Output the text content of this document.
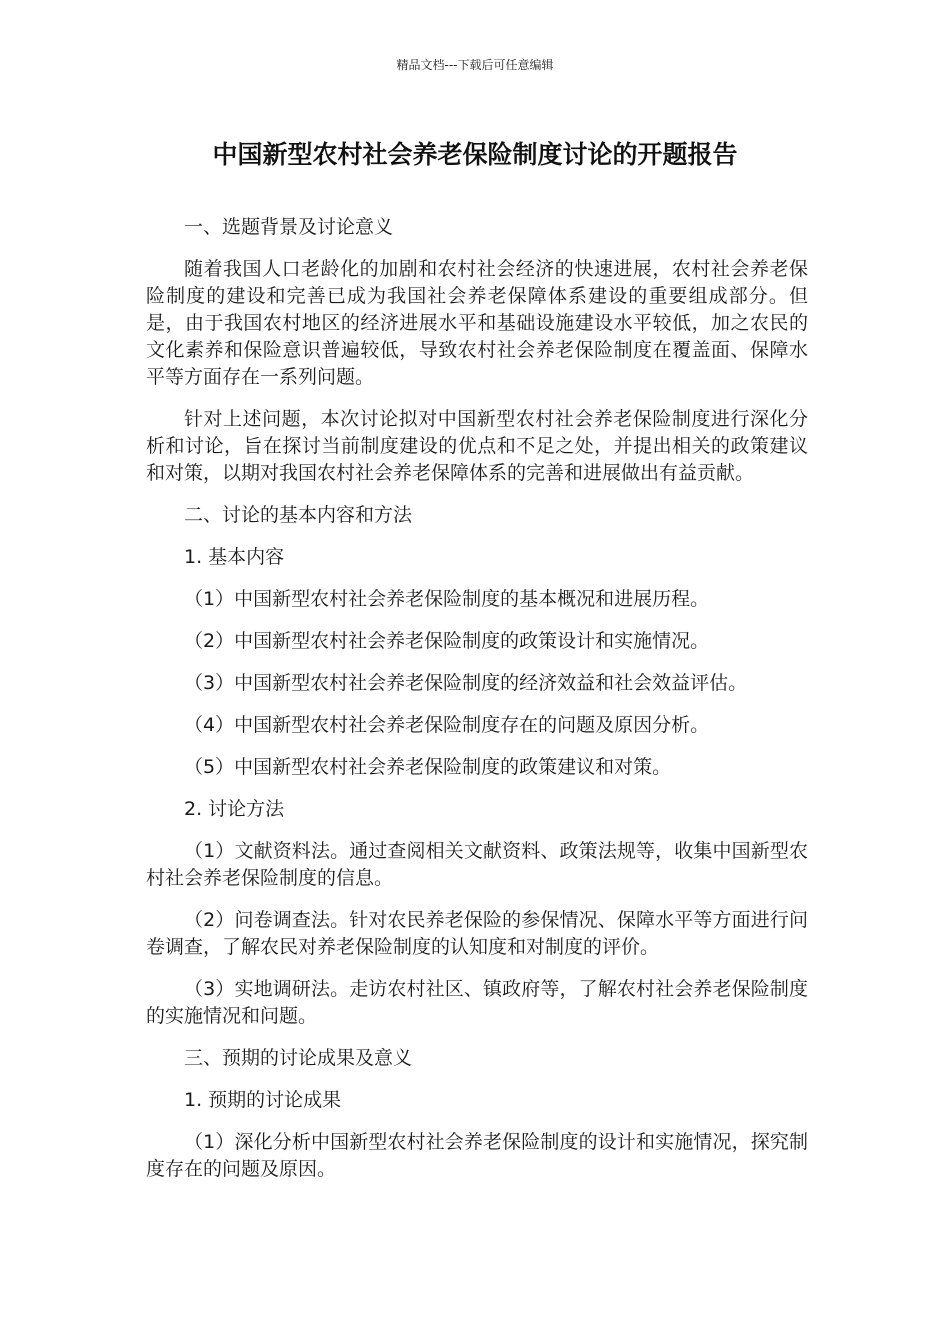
精品文档---下载后可任意编辑
中国新型农村社会养老保险制度讨论的开题报告
一、选题背景及讨论意义
随着我国人口老龄化的加剧和农村社会经济的快速进展，农村社会养老保险制度的建设和完善已成为我国社会养老保障体系建设的重要组成部分。但是，由于我国农村地区的经济进展水平和基础设施建设水平较低，加之农民的文化素养和保险意识普遍较低，导致农村社会养老保险制度在覆盖面、保障水平等方面存在一系列问题。
针对上述问题，本次讨论拟对中国新型农村社会养老保险制度进行深化分析和讨论，旨在探讨当前制度建设的优点和不足之处，并提出相关的政策建议和对策，以期对我国农村社会养老保障体系的完善和进展做出有益贡献。
二、讨论的基本内容和方法
1. 基本内容
（1）中国新型农村社会养老保险制度的基本概况和进展历程。
（2）中国新型农村社会养老保险制度的政策设计和实施情况。
（3）中国新型农村社会养老保险制度的经济效益和社会效益评估。
（4）中国新型农村社会养老保险制度存在的问题及原因分析。
（5）中国新型农村社会养老保险制度的政策建议和对策。
2. 讨论方法
（1）文献资料法。通过查阅相关文献资料、政策法规等，收集中国新型农村社会养老保险制度的信息。
（2）问卷调查法。针对农民养老保险的参保情况、保障水平等方面进行问卷调查，了解农民对养老保险制度的认知度和对制度的评价。
（3）实地调研法。走访农村社区、镇政府等，了解农村社会养老保险制度的实施情况和问题。
三、预期的讨论成果及意义
1. 预期的讨论成果
（1）深化分析中国新型农村社会养老保险制度的设计和实施情况，探究制度存在的问题及原因。
